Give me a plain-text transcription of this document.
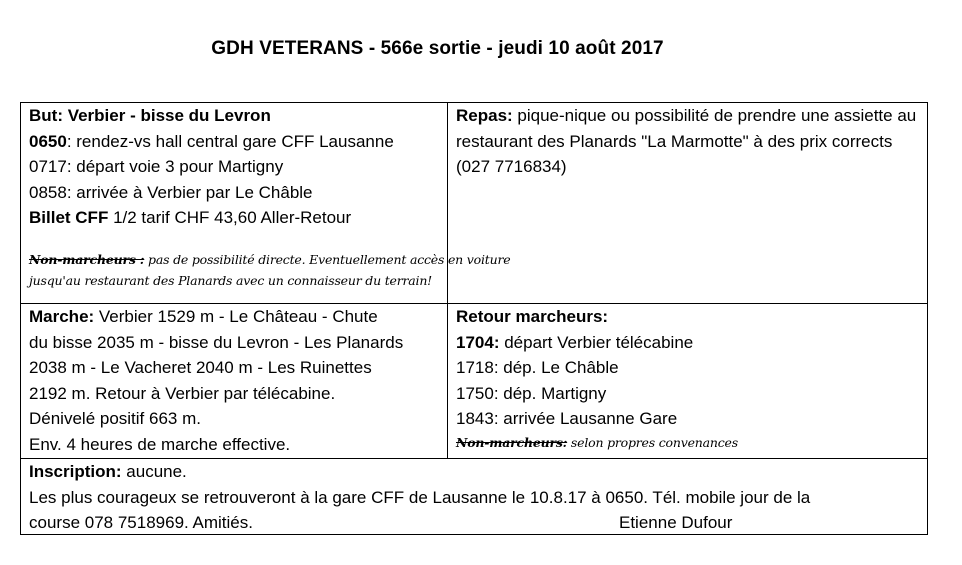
GDH VETERANS - 566e sortie - jeudi 10 août 2017
But: Verbier - bisse du Levron
0650: rendez-vs hall central gare CFF Lausanne
0717: départ voie 3 pour Martigny
0858: arrivée à Verbier par Le Châble
Billet CFF 1/2 tarif CHF 43,60 Aller-Retour
Non-marcheurs : pas de possibilité directe. Eventuellement accès en voiture
jusqu'au restaurant des Planards avec un connaisseur du terrain!
Repas: pique-nique ou possibilité de prendre une assiette au restaurant des Planards "La Marmotte" à des prix corrects (027 7716834)
Marche: Verbier 1529 m - Le Château - Chute
du bisse 2035 m - bisse du Levron - Les Planards
2038 m - Le Vacheret 2040 m - Les Ruinettes
2192 m. Retour à Verbier par télécabine.
Dénivelé positif 663 m.
Env. 4 heures de marche effective.
Retour marcheurs:
1704: départ Verbier télécabine
1718: dép. Le Châble
1750: dép. Martigny
1843: arrivée Lausanne Gare
Non-marcheurs: selon propres convenances
Inscription: aucune.
Les plus courageux se retrouveront à la gare CFF de Lausanne le 10.8.17 à 0650. Tél. mobile jour de la
course 078 7518969. Amitiés.	Etienne Dufour
